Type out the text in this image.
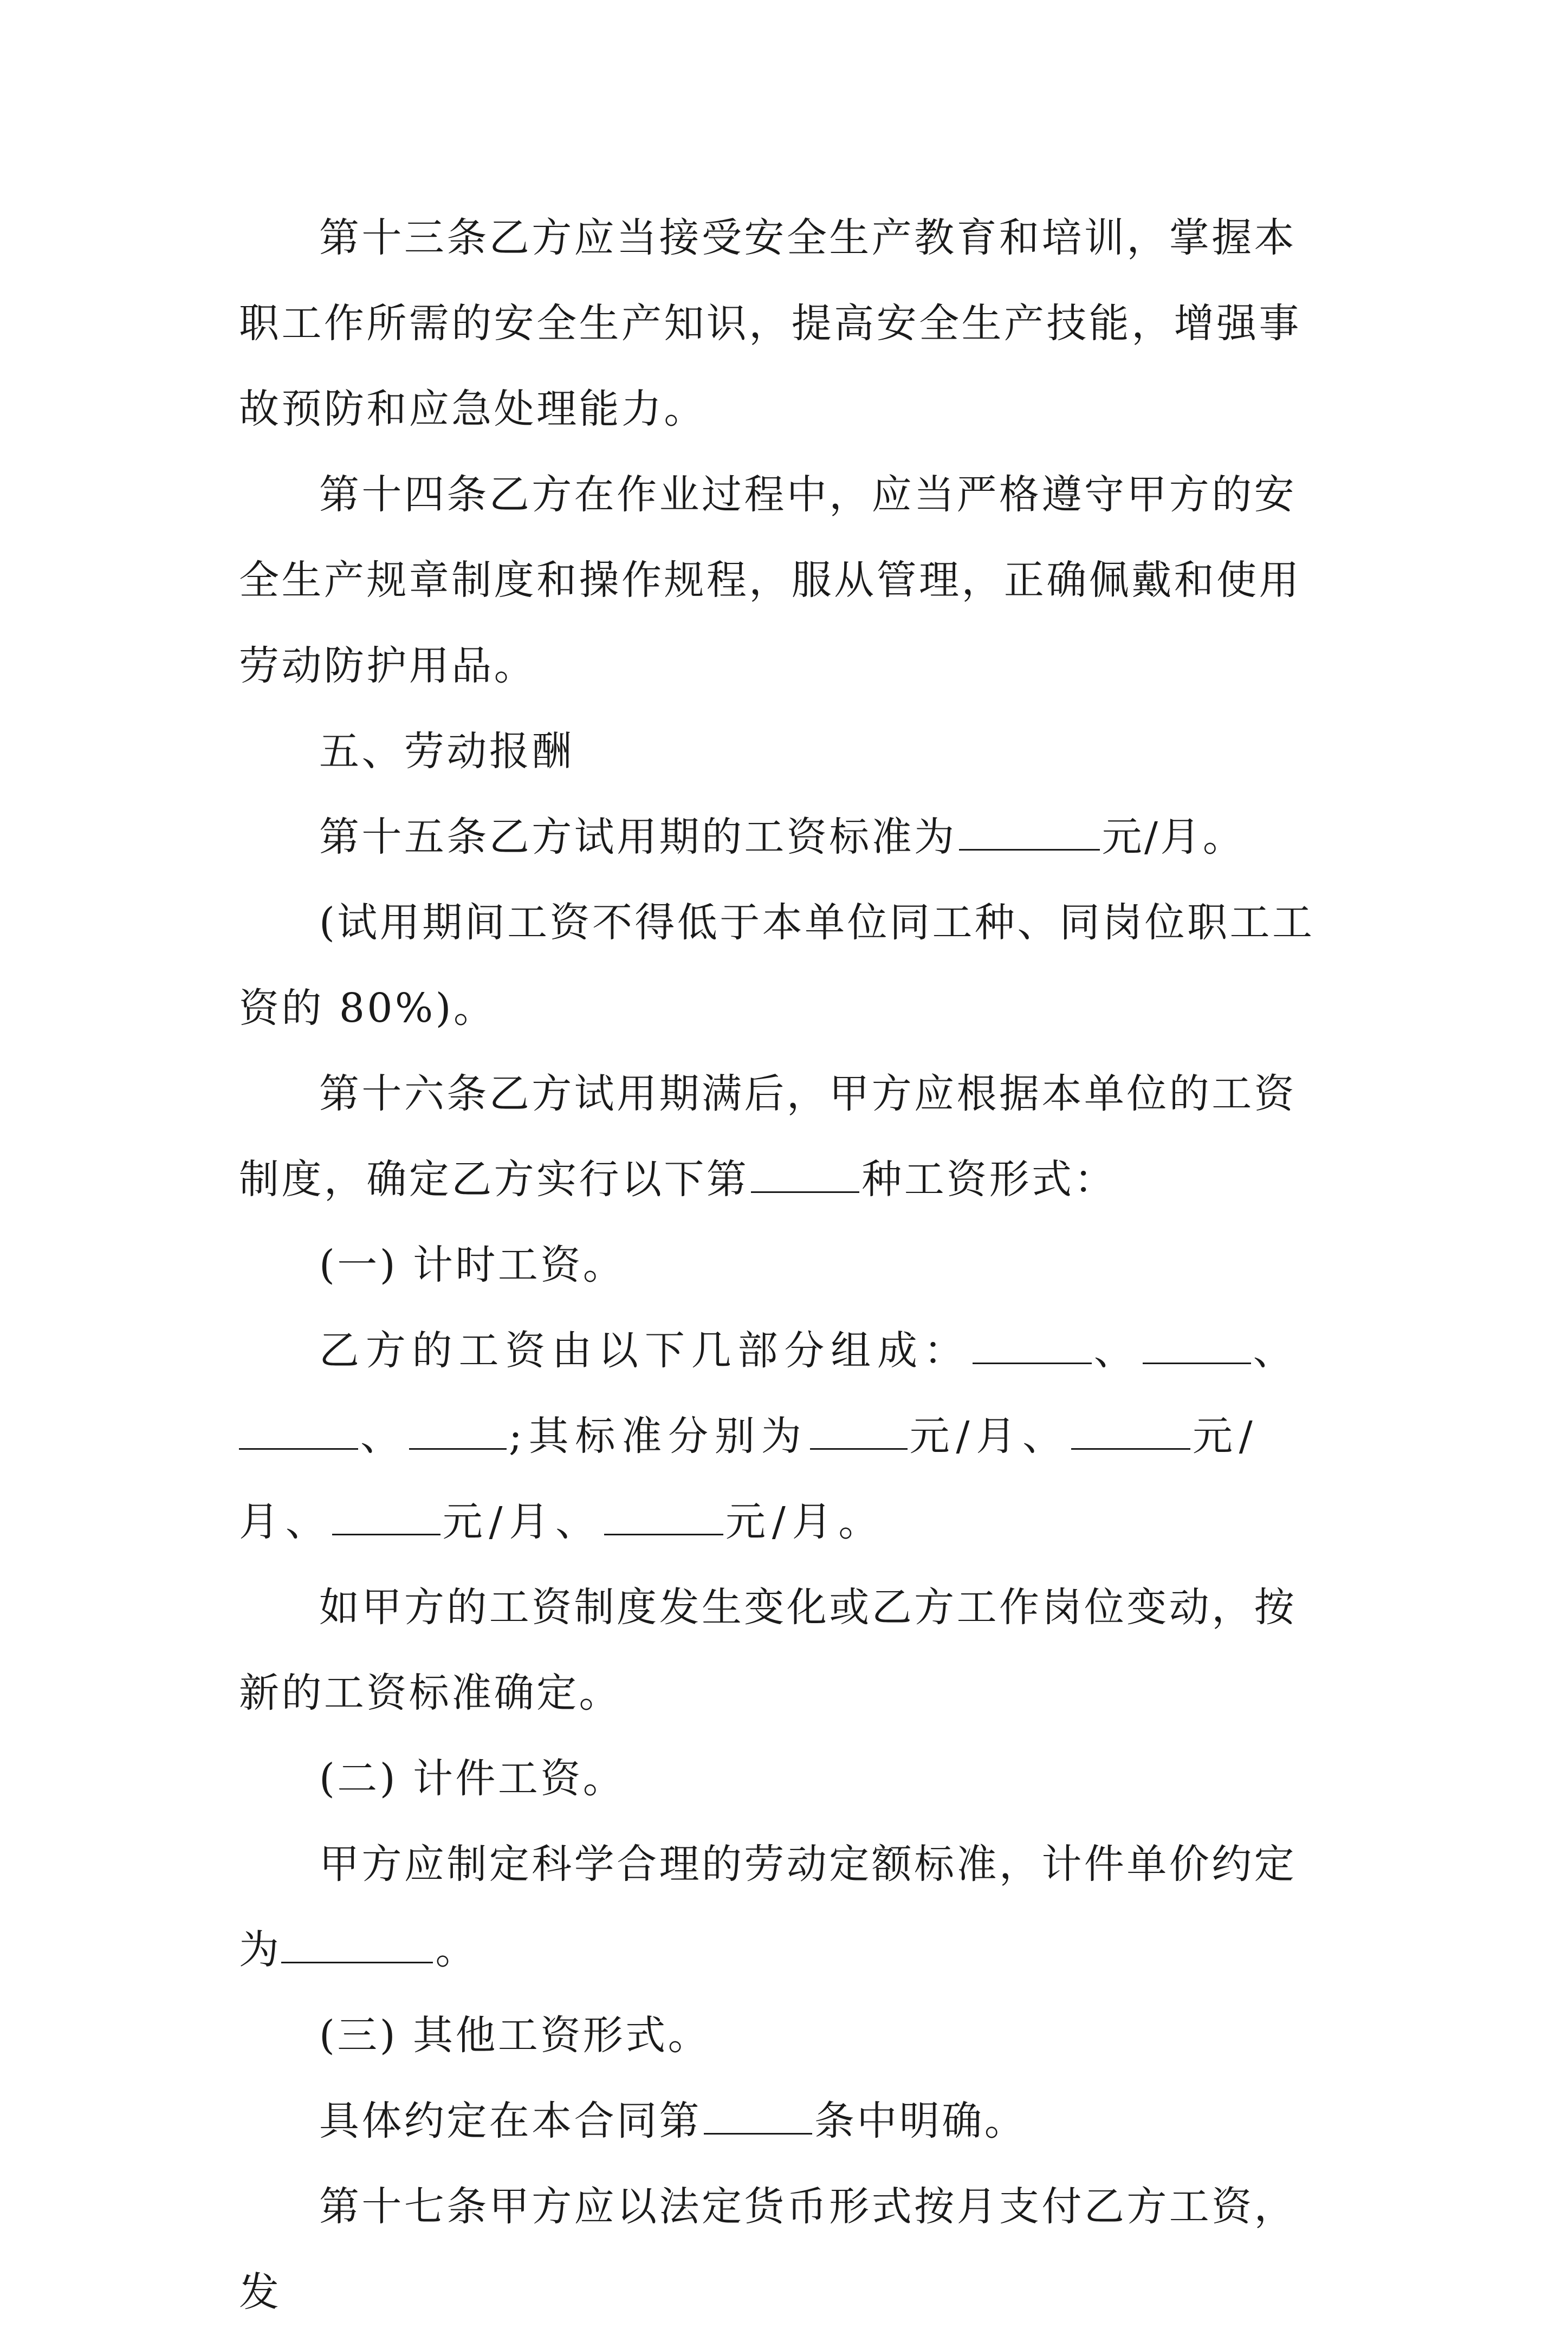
第十三条乙方应当接受安全生产教育和培训，掌握本职工作所需的安全生产知识，提高安全生产技能，增强事故预防和应急处理能力。

第十四条乙方在作业过程中，应当严格遵守甲方的安全生产规章制度和操作规程，服从管理，正确佩戴和使用劳动防护用品。

五、劳动报酬

第十五条乙方试用期的工资标准为	元/月。

(试用期间工资不得低于本单位同工种、同岗位职工工资的 80%)。

第十六条乙方试用期满后，甲方应根据本单位的工资制度，确定乙方实行以下第	种工资形式：

(一) 计时工资。

乙方的工资由以下几部分组成：	、	、、	;其标准分别为	元/月、	元/月、	元/月、	元/月。

如甲方的工资制度发生变化或乙方工作岗位变动，按新的工资标准确定。

(二) 计件工资。

甲方应制定科学合理的劳动定额标准，计件单价约定为	。

(三) 其他工资形式。

具体约定在本合同第	条中明确。

第十七条甲方应以法定货币形式按月支付乙方工资，发
